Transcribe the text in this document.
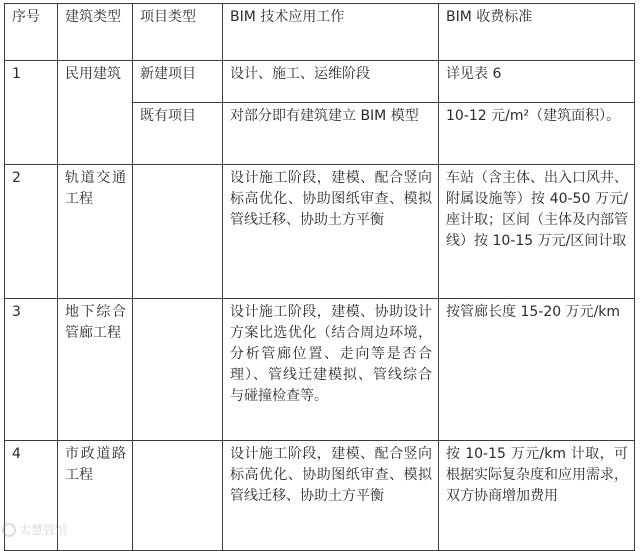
序号	建筑类型	项目类型	BIM 技术应用工作	BIM 收费标准
1	民用建筑	新建项目	设计、施工、运维阶段	详见表 6
		既有项目	对部分即有建筑建立 BIM 模型	10-12 元/m²（建筑面积）。
2	轨道交通工程		设计施工阶段，建模、配合竖向标高优化、协助图纸审查、模拟管线迁移、协助土方平衡	车站（含主体、出入口风井、附属设施等）按 40-50 万元/座计取；区间（主体及内部管线）按 10-15 万元/区间计取
3	地下综合管廊工程		设计施工阶段，建模、协助设计方案比选优化（结合周边环境，分析管廊位置、走向等是否合理）、管线迁建模拟、管线综合与碰撞检查等。	按管廊长度 15-20 万元/km
4	市政道路工程		设计施工阶段，建模、配合竖向标高优化、协助图纸审查、模拟管线迁移、协助土方平衡	按 10-15 万元/km 计取，可根据实际复杂度和应用需求，双方协商增加费用
太慧管馆
